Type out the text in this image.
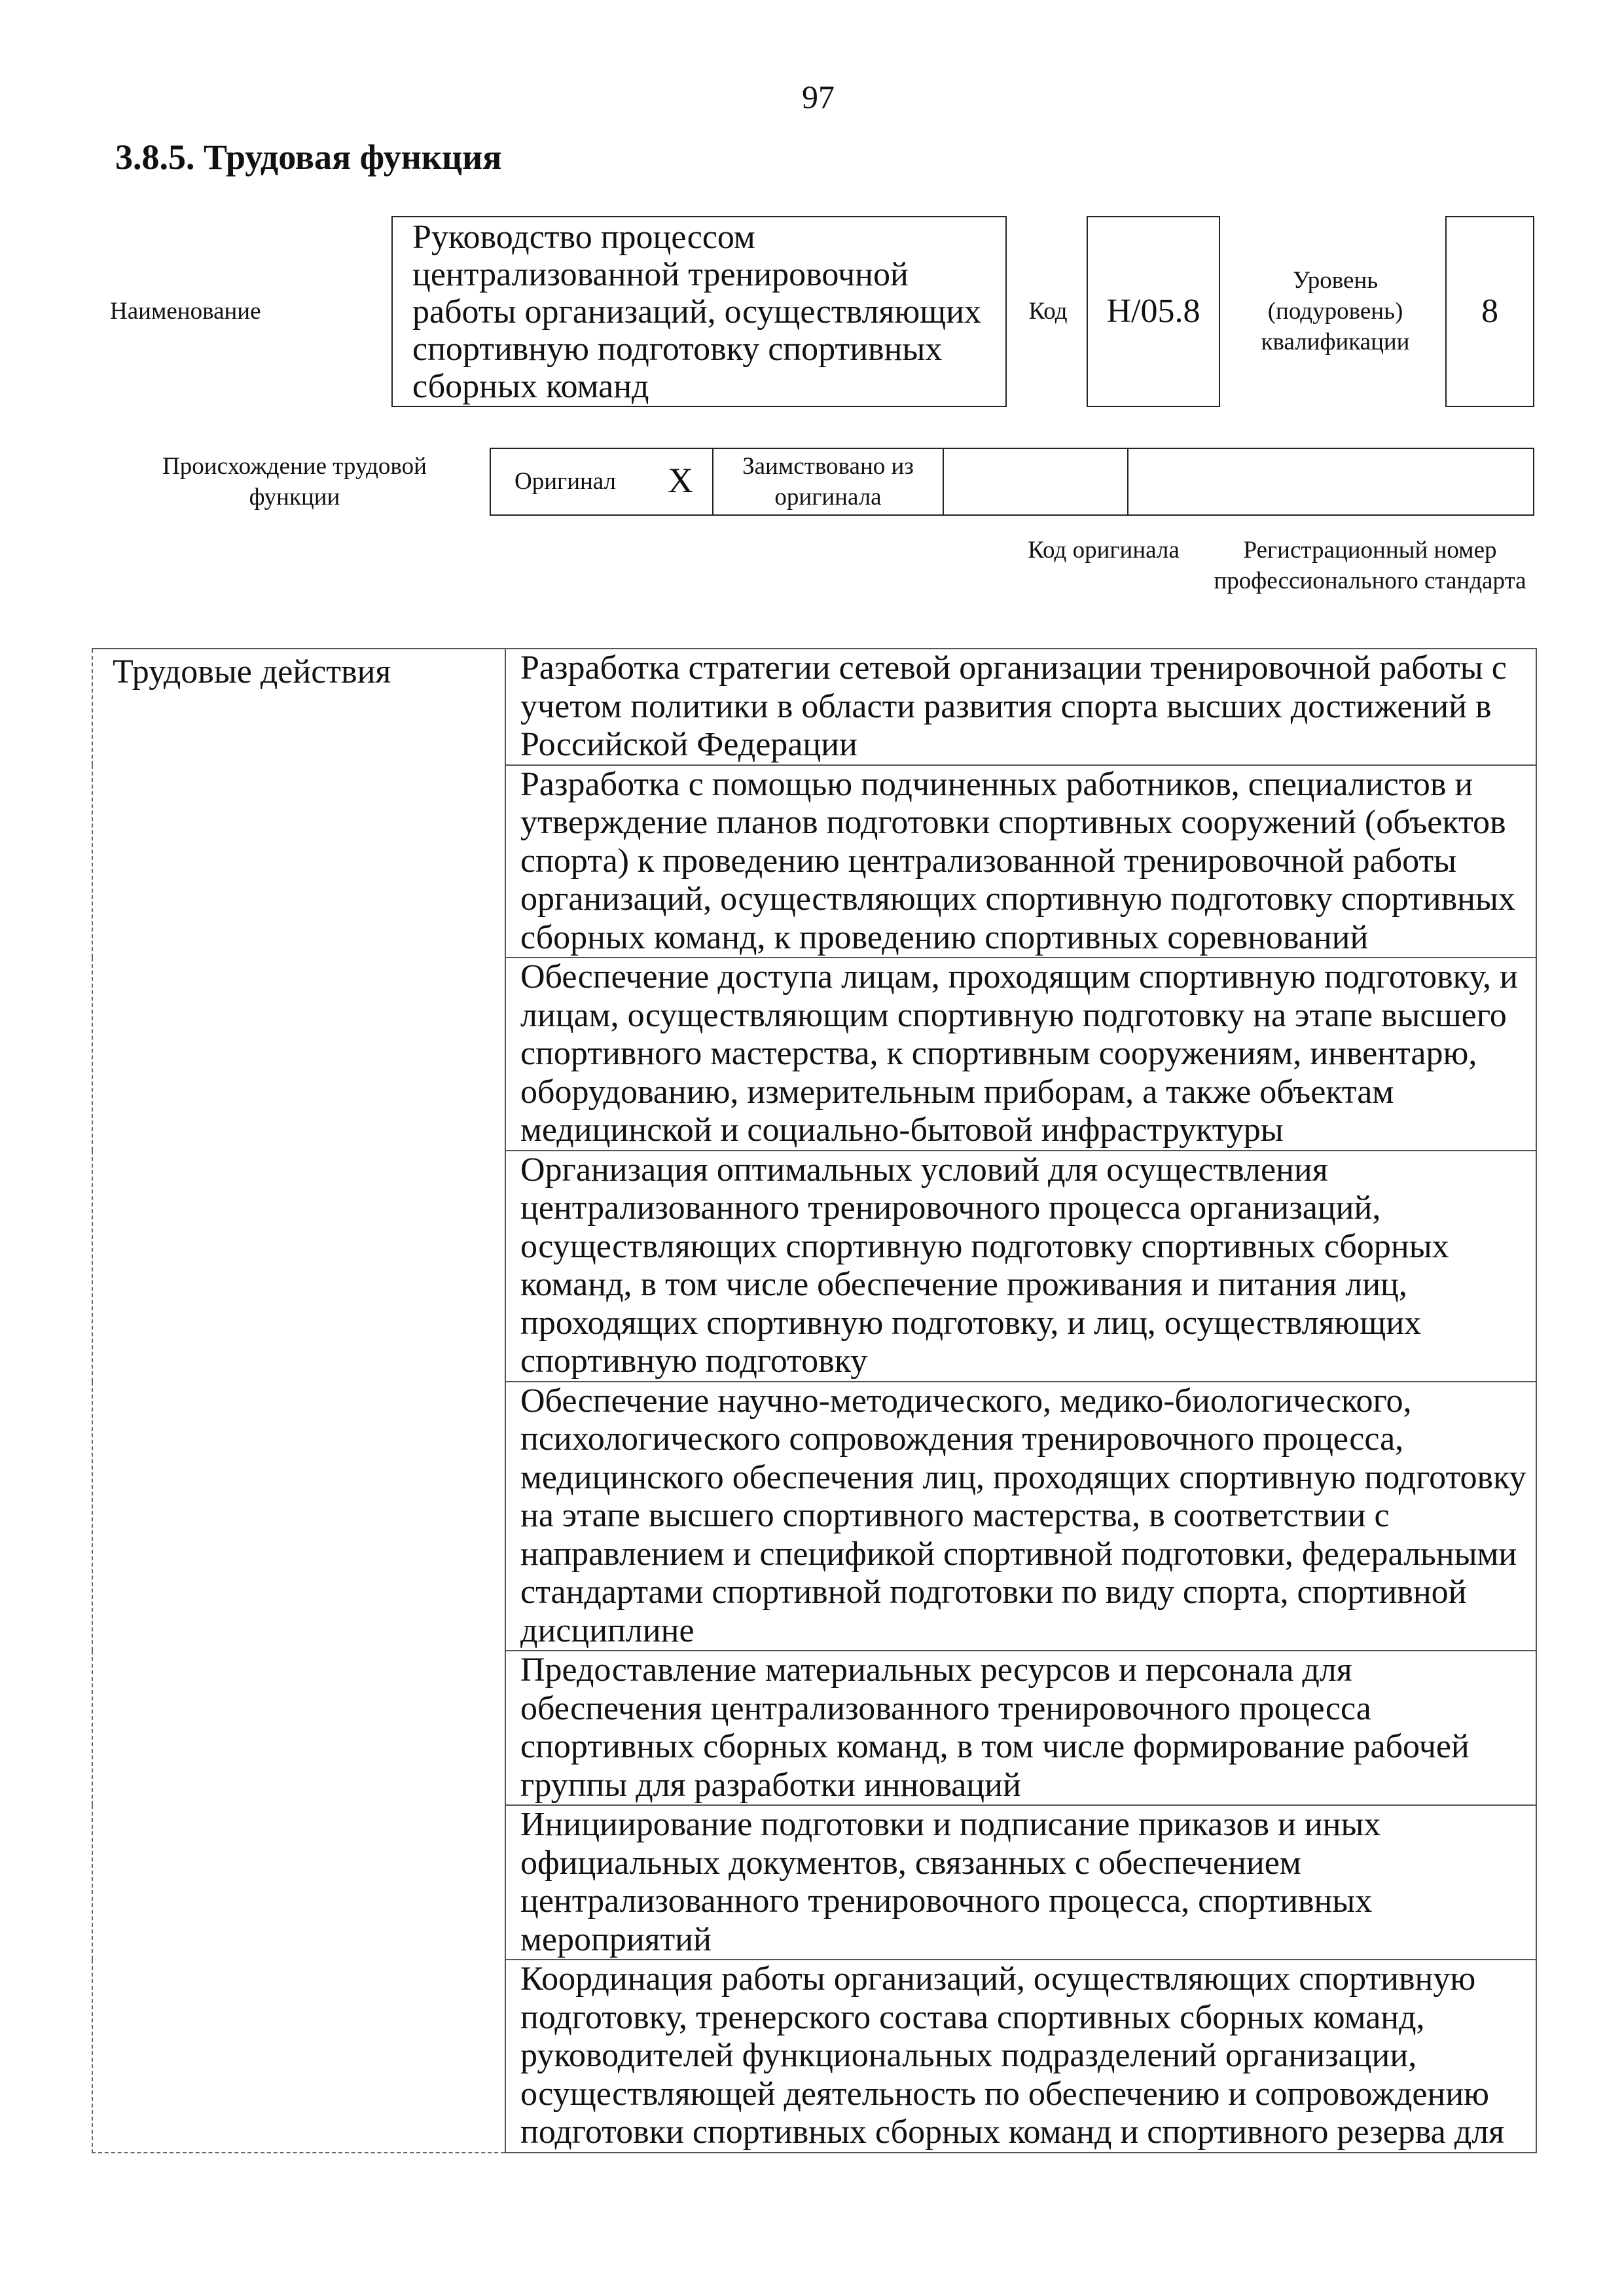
97
3.8.5. Трудовая функция
Наименование
Руководство процессом централизованной тренировочной работы организаций, осуществляющих спортивную подготовку спортивных сборных команд
Код H/05.8
Уровень (подуровень) квалификации
8
Происхождение трудовой функции
Оригинал X	Заимствовано из оригинала
Код оригинала	Регистрационный номер профессионального стандарта
Трудовые действия	Разработка стратегии сетевой организации тренировочной работы с учетом политики в области развития спорта высших достижений в Российской Федерации
Разработка с помощью подчиненных работников, специалистов и утверждение планов подготовки спортивных сооружений (объектов спорта) к проведению централизованной тренировочной работы организаций, осуществляющих спортивную подготовку спортивных сборных команд, к проведению спортивных соревнований
Обеспечение доступа лицам, проходящим спортивную подготовку, и лицам, осуществляющим спортивную подготовку на этапе высшего спортивного мастерства, к спортивным сооружениям, инвентарю, оборудованию, измерительным приборам, а также объектам медицинской и социально-бытовой инфраструктуры
Организация оптимальных условий для осуществления централизованного тренировочного процесса организаций, осуществляющих спортивную подготовку спортивных сборных команд, в том числе обеспечение проживания и питания лиц, проходящих спортивную подготовку, и лиц, осуществляющих спортивную подготовку
Обеспечение научно-методического, медико-биологического, психологического сопровождения тренировочного процесса, медицинского обеспечения лиц, проходящих спортивную подготовку на этапе высшего спортивного мастерства, в соответствии с направлением и спецификой спортивной подготовки, федеральными стандартами спортивной подготовки по виду спорта, спортивной дисциплине
Предоставление материальных ресурсов и персонала для обеспечения централизованного тренировочного процесса спортивных сборных команд, в том числе формирование рабочей группы для разработки инноваций
Инициирование подготовки и подписание приказов и иных официальных документов, связанных с обеспечением централизованного тренировочного процесса, спортивных мероприятий
Координация работы организаций, осуществляющих спортивную подготовку, тренерского состава спортивных сборных команд, руководителей функциональных подразделений организации, осуществляющей деятельность по обеспечению и сопровождению подготовки спортивных сборных команд и спортивного резерва для
